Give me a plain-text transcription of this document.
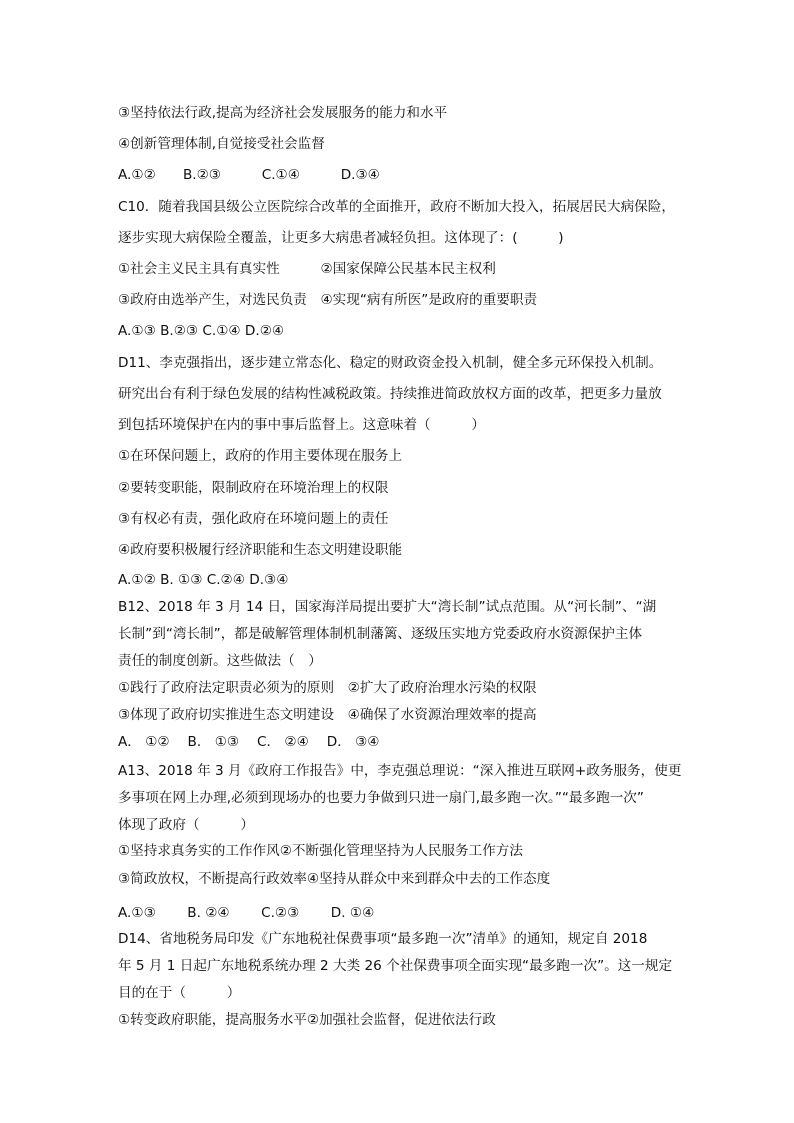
③坚持依法行政,提高为经济社会发展服务的能力和水平
④创新管理体制,自觉接受社会监督
A.①②　　B.②③　　　C.①④　　　D.③④
C10．随着我国县级公立医院综合改革的全面推开，政府不断加大投入，拓展居民大病保险，
逐步实现大病保险全覆盖，让更多大病患者减轻负担。这体现了：(　　　)
①社会主义民主具有真实性　　　②国家保障公民基本民主权利
③政府由选举产生，对选民负责　④实现“病有所医”是政府的重要职责
A.①③ B.②③ C.①④ D.②④
D11、李克强指出，逐步建立常态化、稳定的财政资金投入机制，健全多元环保投入机制。
研究出台有利于绿色发展的结构性减税政策。持续推进简政放权方面的改革，把更多力量放
到包括环境保护在内的事中事后监督上。这意味着（　　　）
①在环保问题上，政府的作用主要体现在服务上
②要转变职能，限制政府在环境治理上的权限
③有权必有责，强化政府在环境问题上的责任
④政府要积极履行经济职能和生态文明建设职能
A.①② B. ①③ C.②④ D.③④
B12、2018 年 3 月 14 日，国家海洋局提出要扩大“湾长制”试点范围。从“河长制”、“湖
长制”到“湾长制”，都是破解管理体制机制藩篱、逐级压实地方党委政府水资源保护主体
责任的制度创新。这些做法（　）
①践行了政府法定职责必须为的原则　②扩大了政府治理水污染的权限
③体现了政府切实推进生态文明建设　④确保了水资源治理效率的提高
A． ①②　 B． ①③　 C． ②④　 D． ③④
A13、2018 年 3 月《政府工作报告》中，李克强总理说：“深入推进互联网+政务服务，使更
多事项在网上办理,必须到现场办的也要力争做到只进一扇门,最多跑一次。”“最多跑一次”
体现了政府（　　　）
①坚持求真务实的工作作风②不断强化管理坚持为人民服务工作方法
③简政放权，不断提高行政效率④坚持从群众中来到群众中去的工作态度
A.①③　　 B. ②④　　 C.②③　　 D. ①④
D14、省地税务局印发《广东地税社保费事项“最多跑一次”清单》的通知，规定自 2018
年 5 月 1 日起广东地税系统办理 2 大类 26 个社保费事项全面实现“最多跑一次”。这一规定
目的在于（　　　）
①转变政府职能，提高服务水平②加强社会监督，促进依法行政
